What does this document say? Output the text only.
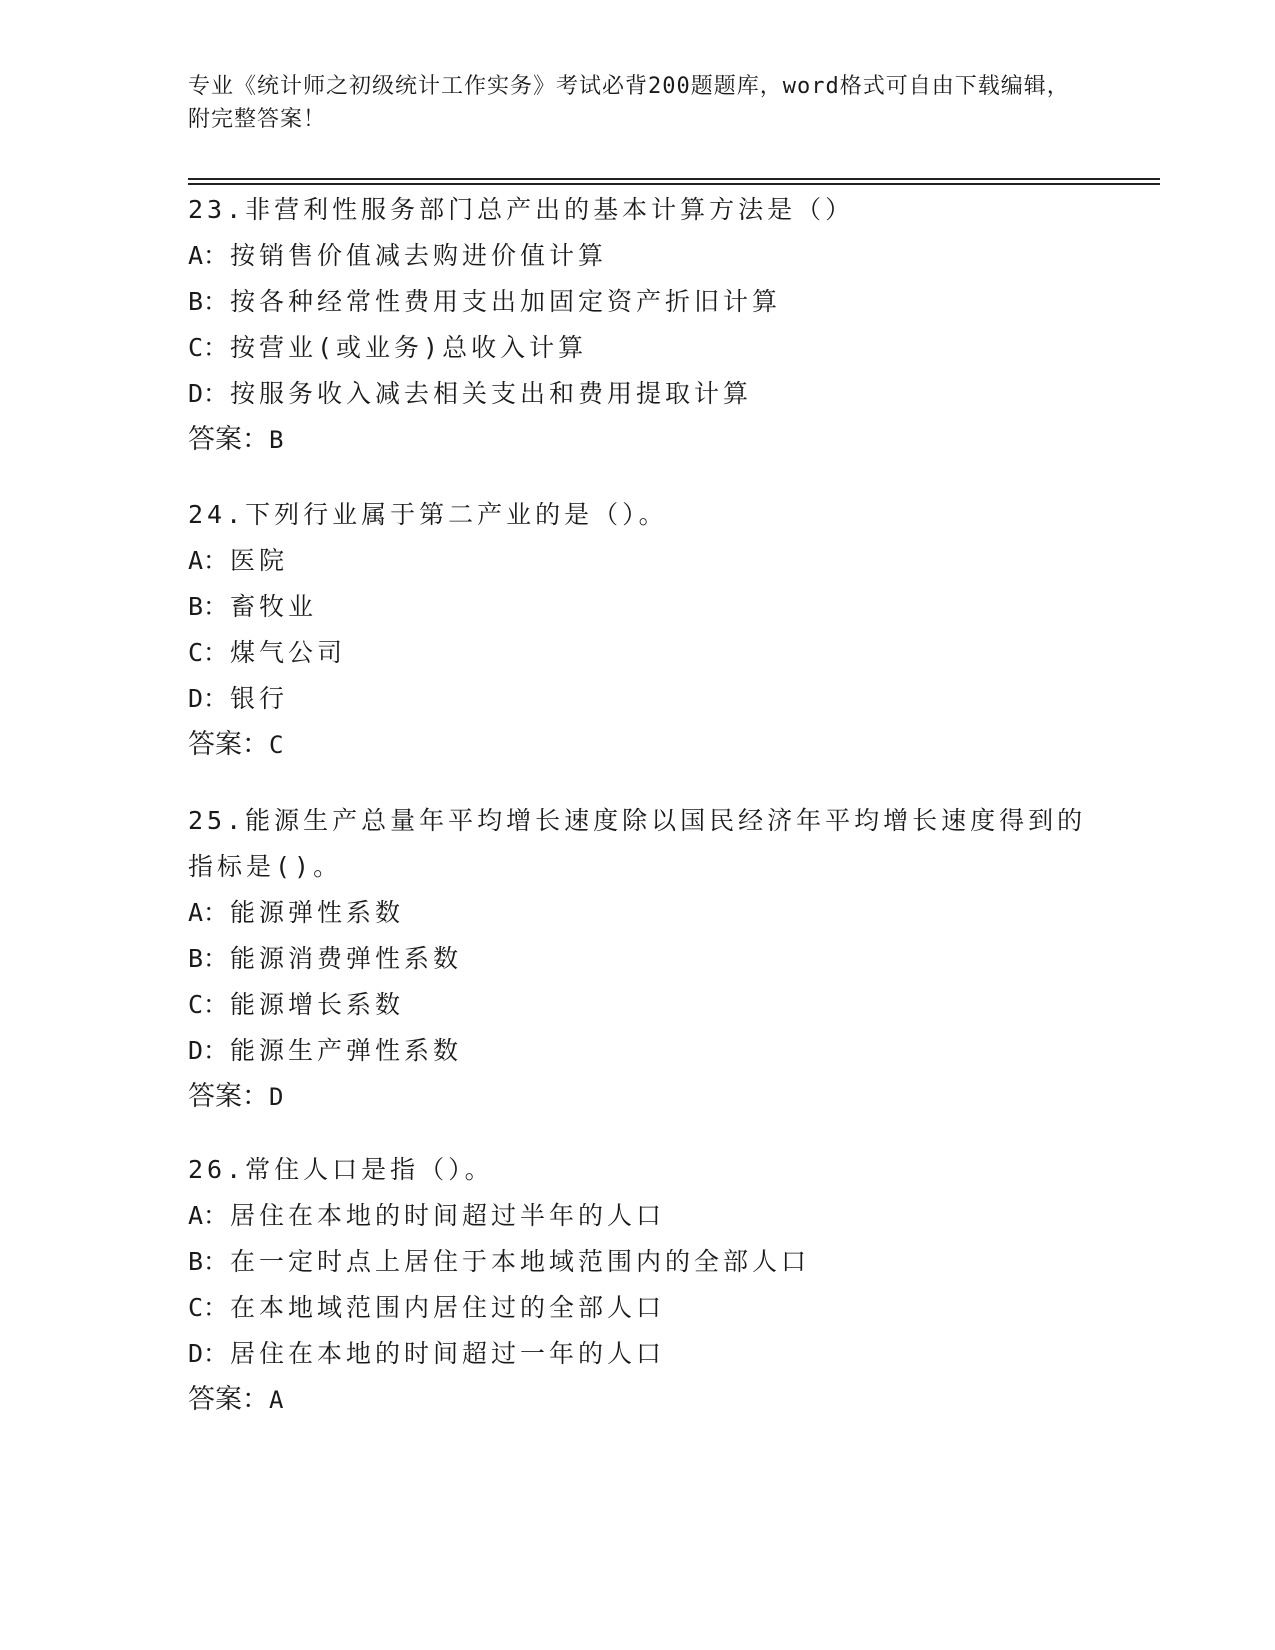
专业《统计师之初级统计工作实务》考试必背200题题库，word格式可自由下载编辑，附完整答案！

23.非营利性服务部门总产出的基本计算方法是（）

A：按销售价值减去购进价值计算

B：按各种经常性费用支出加固定资产折旧计算

C：按营业(或业务)总收入计算

D：按服务收入减去相关支出和费用提取计算

答案：B

24.下列行业属于第二产业的是（）。

A：医院

B：畜牧业

C：煤气公司

D：银行

答案：C

25.能源生产总量年平均增长速度除以国民经济年平均增长速度得到的指标是()。

A：能源弹性系数

B：能源消费弹性系数

C：能源增长系数

D：能源生产弹性系数

答案：D

26.常住人口是指（）。

A：居住在本地的时间超过半年的人口

B：在一定时点上居住于本地域范围内的全部人口

C：在本地域范围内居住过的全部人口

D：居住在本地的时间超过一年的人口

答案：A
